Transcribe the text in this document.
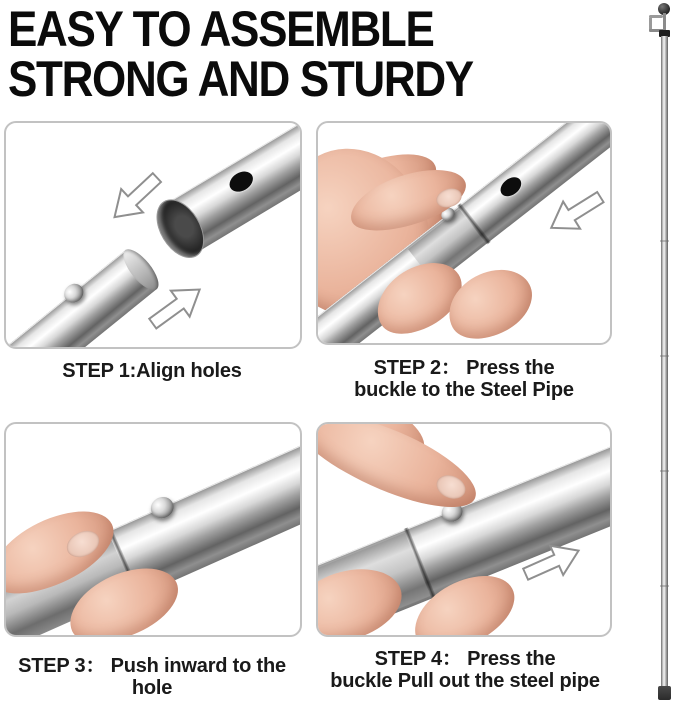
EASY TO ASSEMBLE
STRONG AND STURDY
STEP 1:Align holes	STEP 2： Press the
buckle to the Steel Pipe
STEP 3： Push inward to the hole
STEP 4： Press the
buckle Pull out the steel pipe
